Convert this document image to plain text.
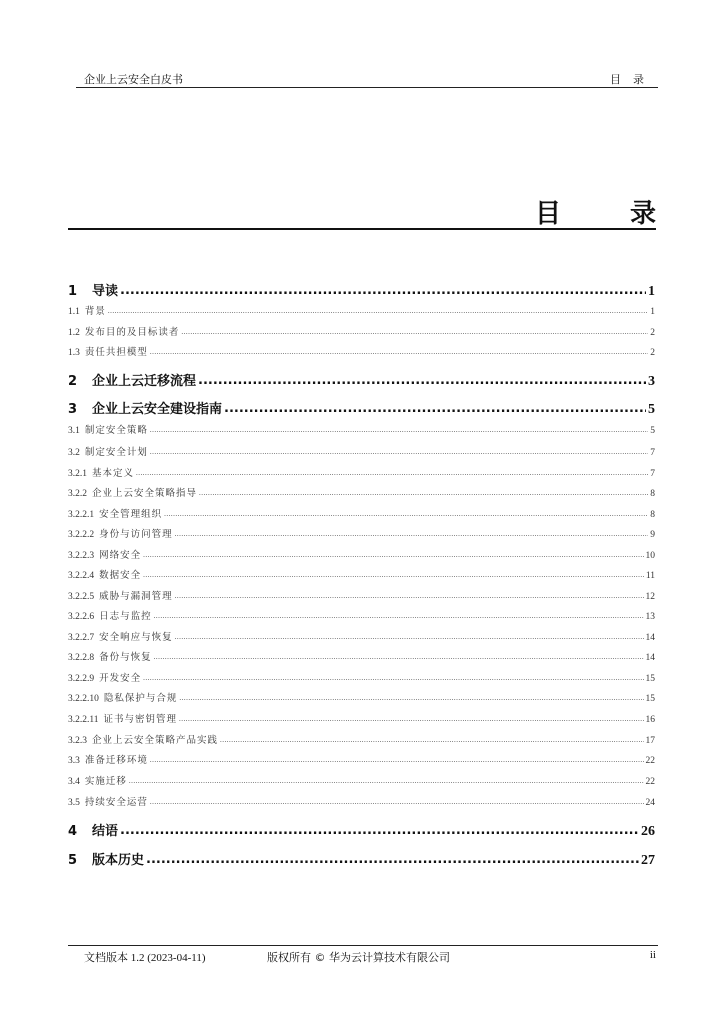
企业上云安全白皮书	目录
目 录
1	导读 .....	1
1.1 背景 .....	1
1.2 发布目的及目标读者 .....	2
1.3 责任共担模型 .....	2
2	企业上云迁移流程 .....	3
3	企业上云安全建设指南 .....	5
3.1 制定安全策略 .....	5
3.2 制定安全计划 .....	7
3.2.1 基本定义 .....	7
3.2.2 企业上云安全策略指导 .....	8
3.2.2.1 安全管理组织 .....	8
3.2.2.2 身份与访问管理 .....	9
3.2.2.3 网络安全 .....	10
3.2.2.4 数据安全 .....	11
3.2.2.5 威胁与漏洞管理 .....	12
3.2.2.6 日志与监控 .....	13
3.2.2.7 安全响应与恢复 .....	14
3.2.2.8 备份与恢复 .....	14
3.2.2.9 开发安全 .....	15
3.2.2.10 隐私保护与合规 .....	15
3.2.2.11 证书与密钥管理 .....	16
3.2.3 企业上云安全策略产品实践 .....	17
3.3 准备迁移环境 .....	22
3.4 实施迁移 .....	22
3.5 持续安全运营 .....	24
4	结语 .....	26
5	版本历史 .....	27
文档版本 1.2 (2023-04-11)	版权所有 © 华为云计算技术有限公司	ii
